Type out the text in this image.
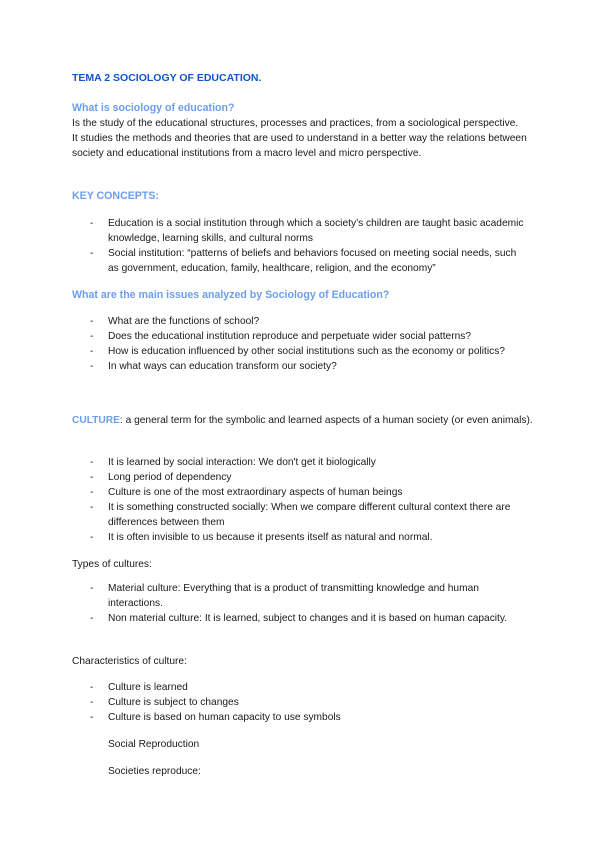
TEMA 2 SOCIOLOGY OF EDUCATION.
What is sociology of education?

Is the study of the educational structures, processes and practices, from a sociological perspective.

It studies the methods and theories that are used to understand in a better way the relations between society and educational institutions from a macro level and micro perspective.

KEY CONCEPTS:
- Education is a social institution through which a society’s children are taught basic academic knowledge, learning skills, and cultural norms
- Social institution: “patterns of beliefs and behaviors focused on meeting social needs, such as government, education, family, healthcare, religion, and the economy”
What are the main issues analyzed by Sociology of Education?
- What are the functions of school?
- Does the educational institution reproduce and perpetuate wider social patterns?
- How is education influenced by other social institutions such as the economy or politics?
- In what ways can education transform our society?
CULTURE: a general term for the symbolic and learned aspects of a human society (or even animals).
- It is learned by social interaction: We don't get it biologically
- Long period of dependency
- Culture is one of the most extraordinary aspects of human beings
- It is something constructed socially: When we compare different cultural context there are differences between them
- It is often invisible to us because it presents itself as natural and normal.
Types of cultures:
- Material culture: Everything that is a product of transmitting knowledge and human interactions.
- Non material culture: It is learned, subject to changes and it is based on human capacity.
Characteristics of culture:
- Culture is learned
- Culture is subject to changes
- Culture is based on human capacity to use symbols
Social Reproduction
Societies reproduce:
